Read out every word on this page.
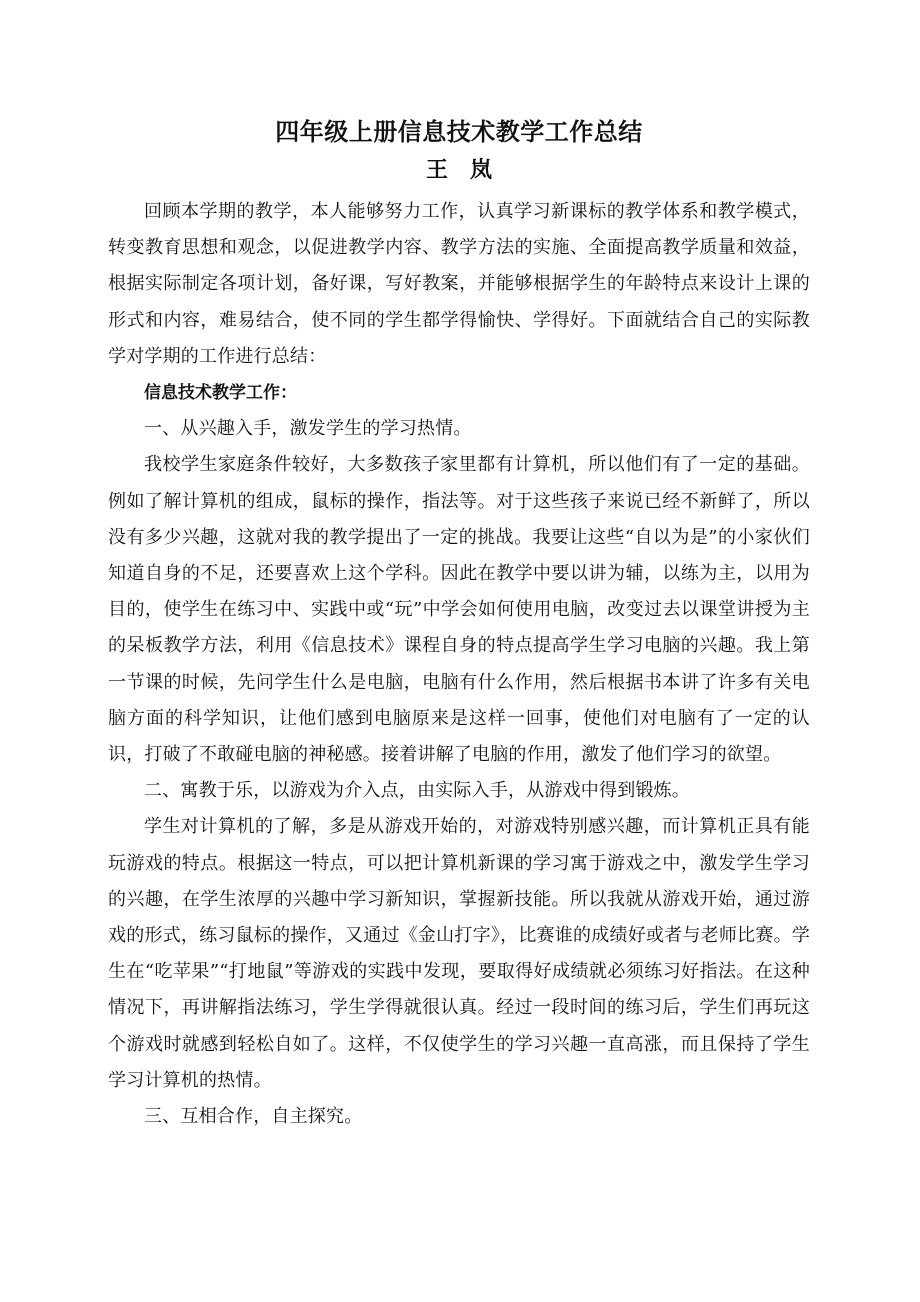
四年级上册信息技术教学工作总结
王岚

回顾本学期的教学，本人能够努力工作，认真学习新课标的教学体系和教学模式，转变教育思想和观念，以促进教学内容、教学方法的实施、全面提高教学质量和效益，根据实际制定各项计划，备好课，写好教案，并能够根据学生的年龄特点来设计上课的形式和内容，难易结合，使不同的学生都学得愉快、学得好。下面就结合自己的实际教学对学期的工作进行总结：

信息技术教学工作：

一、从兴趣入手，激发学生的学习热情。

我校学生家庭条件较好，大多数孩子家里都有计算机，所以他们有了一定的基础。例如了解计算机的组成，鼠标的操作，指法等。对于这些孩子来说已经不新鲜了，所以没有多少兴趣，这就对我的教学提出了一定的挑战。我要让这些“自以为是”的小家伙们知道自身的不足，还要喜欢上这个学科。因此在教学中要以讲为辅，以练为主，以用为目的，使学生在练习中、实践中或“玩”中学会如何使用电脑，改变过去以课堂讲授为主的呆板教学方法，利用《信息技术》课程自身的特点提高学生学习电脑的兴趣。我上第一节课的时候，先问学生什么是电脑，电脑有什么作用，然后根据书本讲了许多有关电脑方面的科学知识，让他们感到电脑原来是这样一回事，使他们对电脑有了一定的认识，打破了不敢碰电脑的神秘感。接着讲解了电脑的作用，激发了他们学习的欲望。

二、寓教于乐，以游戏为介入点，由实际入手，从游戏中得到锻炼。

学生对计算机的了解，多是从游戏开始的，对游戏特别感兴趣，而计算机正具有能玩游戏的特点。根据这一特点，可以把计算机新课的学习寓于游戏之中，激发学生学习的兴趣，在学生浓厚的兴趣中学习新知识，掌握新技能。所以我就从游戏开始，通过游戏的形式，练习鼠标的操作，又通过《金山打字》，比赛谁的成绩好或者与老师比赛。学生在“吃苹果”“打地鼠”等游戏的实践中发现，要取得好成绩就必须练习好指法。在这种情况下，再讲解指法练习，学生学得就很认真。经过一段时间的练习后，学生们再玩这个游戏时就感到轻松自如了。这样，不仅使学生的学习兴趣一直高涨，而且保持了学生学习计算机的热情。

三、互相合作，自主探究。
